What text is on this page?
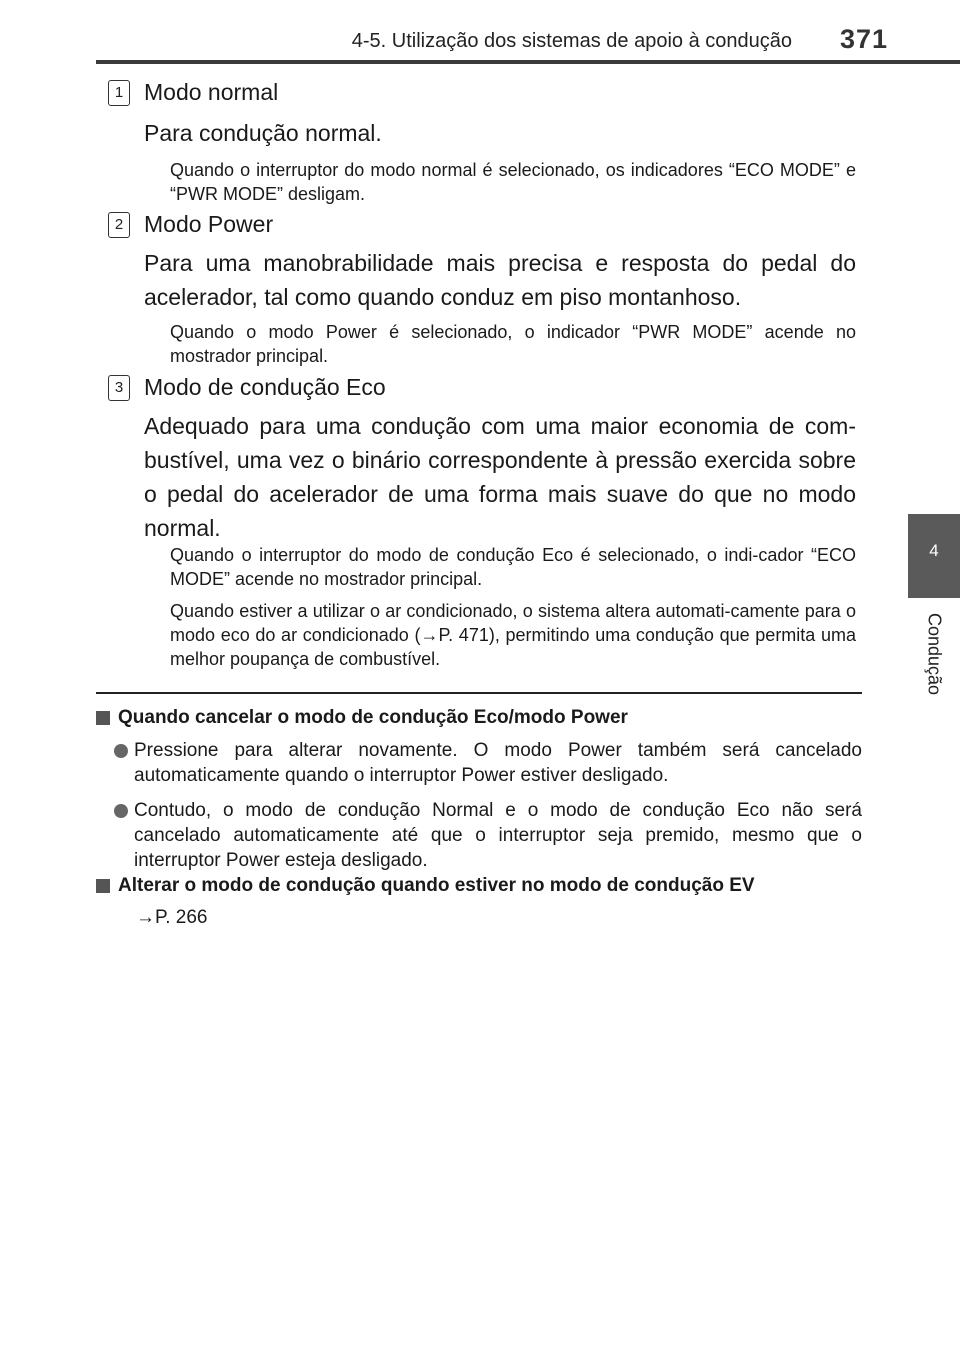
4-5. Utilização dos sistemas de apoio à condução 371
4
Condução
1 Modo normal
Para condução normal.
Quando o interruptor do modo normal é selecionado, os indicadores “ECO MODE” e “PWR MODE” desligam.
2 Modo Power
Para uma manobrabilidade mais precisa e resposta do pedal do acelerador, tal como quando conduz em piso montanhoso.
Quando o modo Power é selecionado, o indicador “PWR MODE” acende no mostrador principal.
3 Modo de condução Eco
Adequado para uma condução com uma maior economia de com-bustível, uma vez o binário correspondente à pressão exercida sobre o pedal do acelerador de uma forma mais suave do que no modo normal.
Quando o interruptor do modo de condução Eco é selecionado, o indi-cador “ECO MODE” acende no mostrador principal.
Quando estiver a utilizar o ar condicionado, o sistema altera automati-camente para o modo eco do ar condicionado (→P. 471), permitindo uma condução que permita uma melhor poupança de combustível.
Quando cancelar o modo de condução Eco/modo Power
Pressione para alterar novamente. O modo Power também será cancelado automaticamente quando o interruptor Power estiver desligado.
Contudo, o modo de condução Normal e o modo de condução Eco não será cancelado automaticamente até que o interruptor seja premido, mesmo que o interruptor Power esteja desligado.
Alterar o modo de condução quando estiver no modo de condução EV
→P. 266
